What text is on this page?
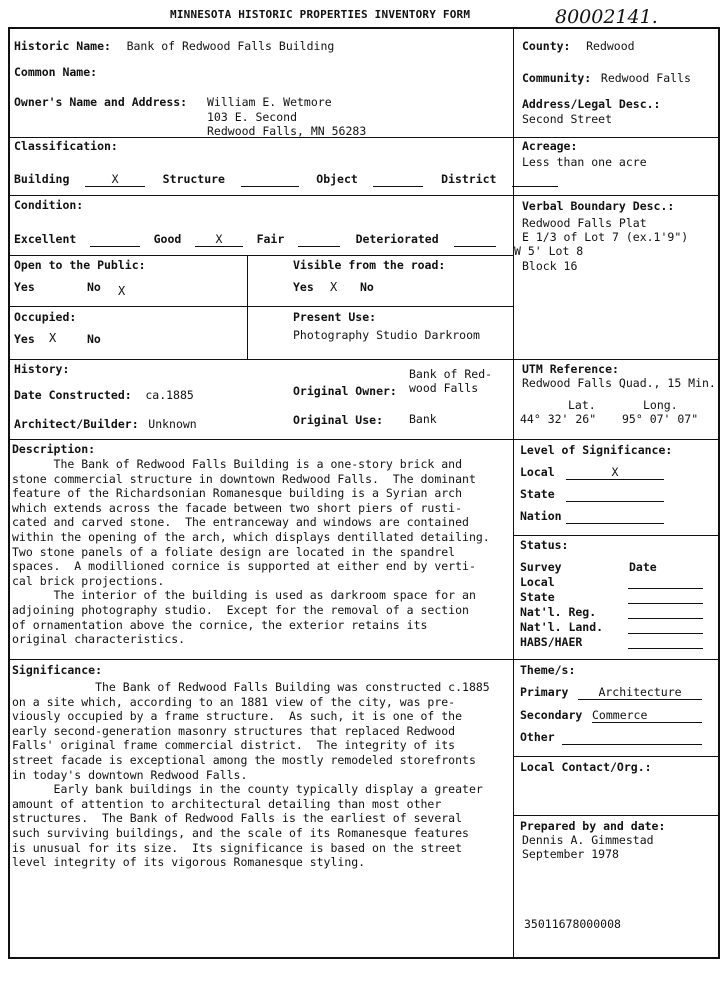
MINNESOTA HISTORIC PROPERTIES INVENTORY FORM	80002141.
Historic Name: Bank of Redwood Falls Building
Common Name:
Owner's Name and Address: William E. Wetmore
103 E. Second
Redwood Falls, MN 56283
County: Redwood
Community: Redwood Falls
Address/Legal Desc.:
Second Street
Classification:
Building	X	Structure	Object	District
Acreage:
Less than one acre
Condition:
Excellent	Good	X	Fair	Deteriorated
Verbal Boundary Desc.:
Redwood Falls Plat
E 1/3 of Lot 7 (ex.1'9")
W 5' Lot 8
Block 16
Open to the Public:
Yes	No X
Visible from the road:
Yes X No
Occupied:
Yes X	No
Present Use:
Photography Studio Darkroom
History:
Date Constructed: ca.1885	Original Owner:
Bank of Red-
wood Falls
Architect/Builder: Unknown	Original Use: Bank
UTM Reference:
Redwood Falls Quad., 15 Min.
Lat.	Long.
44° 32' 26" 95° 07' 07"
Description:
The Bank of Redwood Falls Building is a one-story brick and
stone commercial structure in downtown Redwood Falls.  The dominant
feature of the Richardsonian Romanesque building is a Syrian arch
which extends across the facade between two short piers of rusti-
cated and carved stone.  The entranceway and windows are contained
within the opening of the arch, which displays dentillated detailing.
Two stone panels of a foliate design are located in the spandrel
spaces.  A modillioned cornice is supported at either end by verti-
cal brick projections.
The interior of the building is used as darkroom space for an
adjoining photography studio.  Except for the removal of a section
of ornamentation above the cornice, the exterior retains its
original characteristics.
Level of Significance:
Local	X
State
Nation
Status:
Survey	Date
Local
State
Nat'l. Reg.
Nat'l. Land.
HABS/HAER
Significance:
The Bank of Redwood Falls Building was constructed c.1885
on a site which, according to an 1881 view of the city, was pre-
viously occupied by a frame structure.  As such, it is one of the
early second-generation masonry structures that replaced Redwood
Falls' original frame commercial district.  The integrity of its
street facade is exceptional among the mostly remodeled storefronts
in today's downtown Redwood Falls.
Early bank buildings in the county typically display a greater
amount of attention to architectural detailing than most other
structures.  The Bank of Redwood Falls is the earliest of several
such surviving buildings, and the scale of its Romanesque features
is unusual for its size.  Its significance is based on the street
level integrity of its vigorous Romanesque styling.
Theme/s:
Primary	Architecture
Secondary Commerce
Other
Local Contact/Org.:
Prepared by and date:
Dennis A. Gimmestad
September 1978
35011678000008
